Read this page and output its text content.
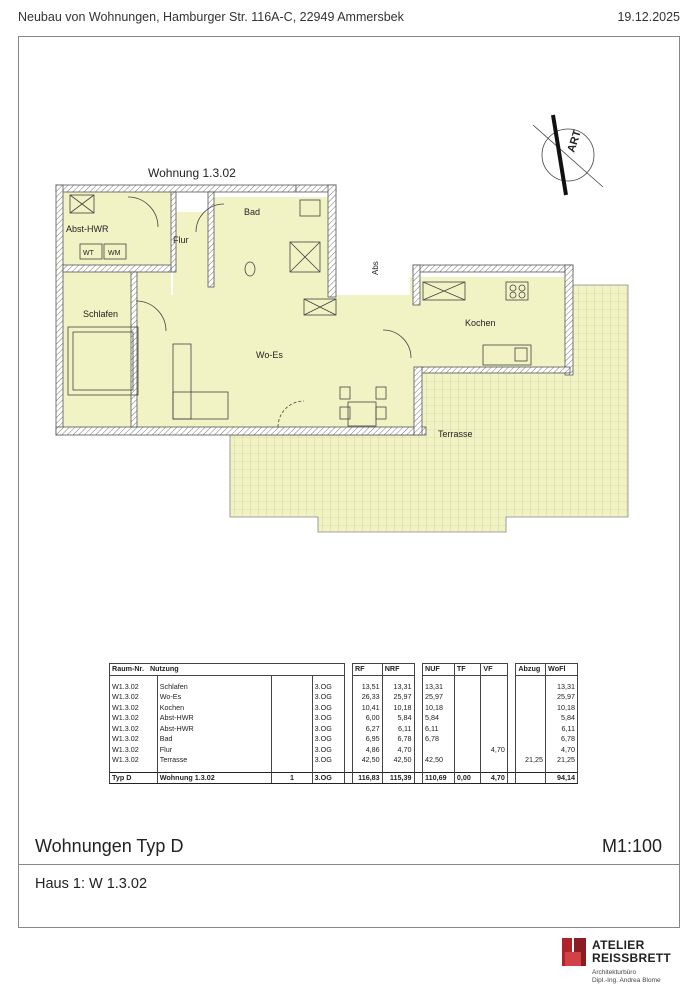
Neubau von Wohnungen, Hamburger Str. 116A-C, 22949 Ammersbek	19.12.2025
ART
Wohnung 1.3.02
Bad
Abst-HWR
Flur
Schlafen
Wo-Es
Kochen
Terrasse
Abs
WM
WT
Raum-Nr. Nutzung					RF	NRF		NUF	TF	VF		Abzug	WoFl

W1.3.02	Schlafen		3.OG		13,51	13,31		13,31					13,31
W1.3.02	Wo-Es		3.OG		26,33	25,97		25,97					25,97
W1.3.02	Kochen		3.OG		10,41	10,18		10,18					10,18
W1.3.02	Abst-HWR		3.OG		6,00	5,84		5,84					5,84
W1.3.02	Abst-HWR		3.OG		6,27	6,11		6,11					6,11
W1.3.02	Bad		3.OG		6,95	6,78		6,78					6,78
W1.3.02	Flur		3.OG		4,86	4,70				4,70			4,70
W1.3.02	Terrasse		3.OG		42,50	42,50		42,50				21,25	21,25

Typ D	Wohnung 1.3.02	1	3.OG		116,83	115,39		110,69	0,00	4,70			94,14
Wohnungen Typ D	M1:100
Haus 1: W 1.3.02
ATELIER
REISSBRETT
Architekturbüro
Dipl.-Ing. Andrea Blome
